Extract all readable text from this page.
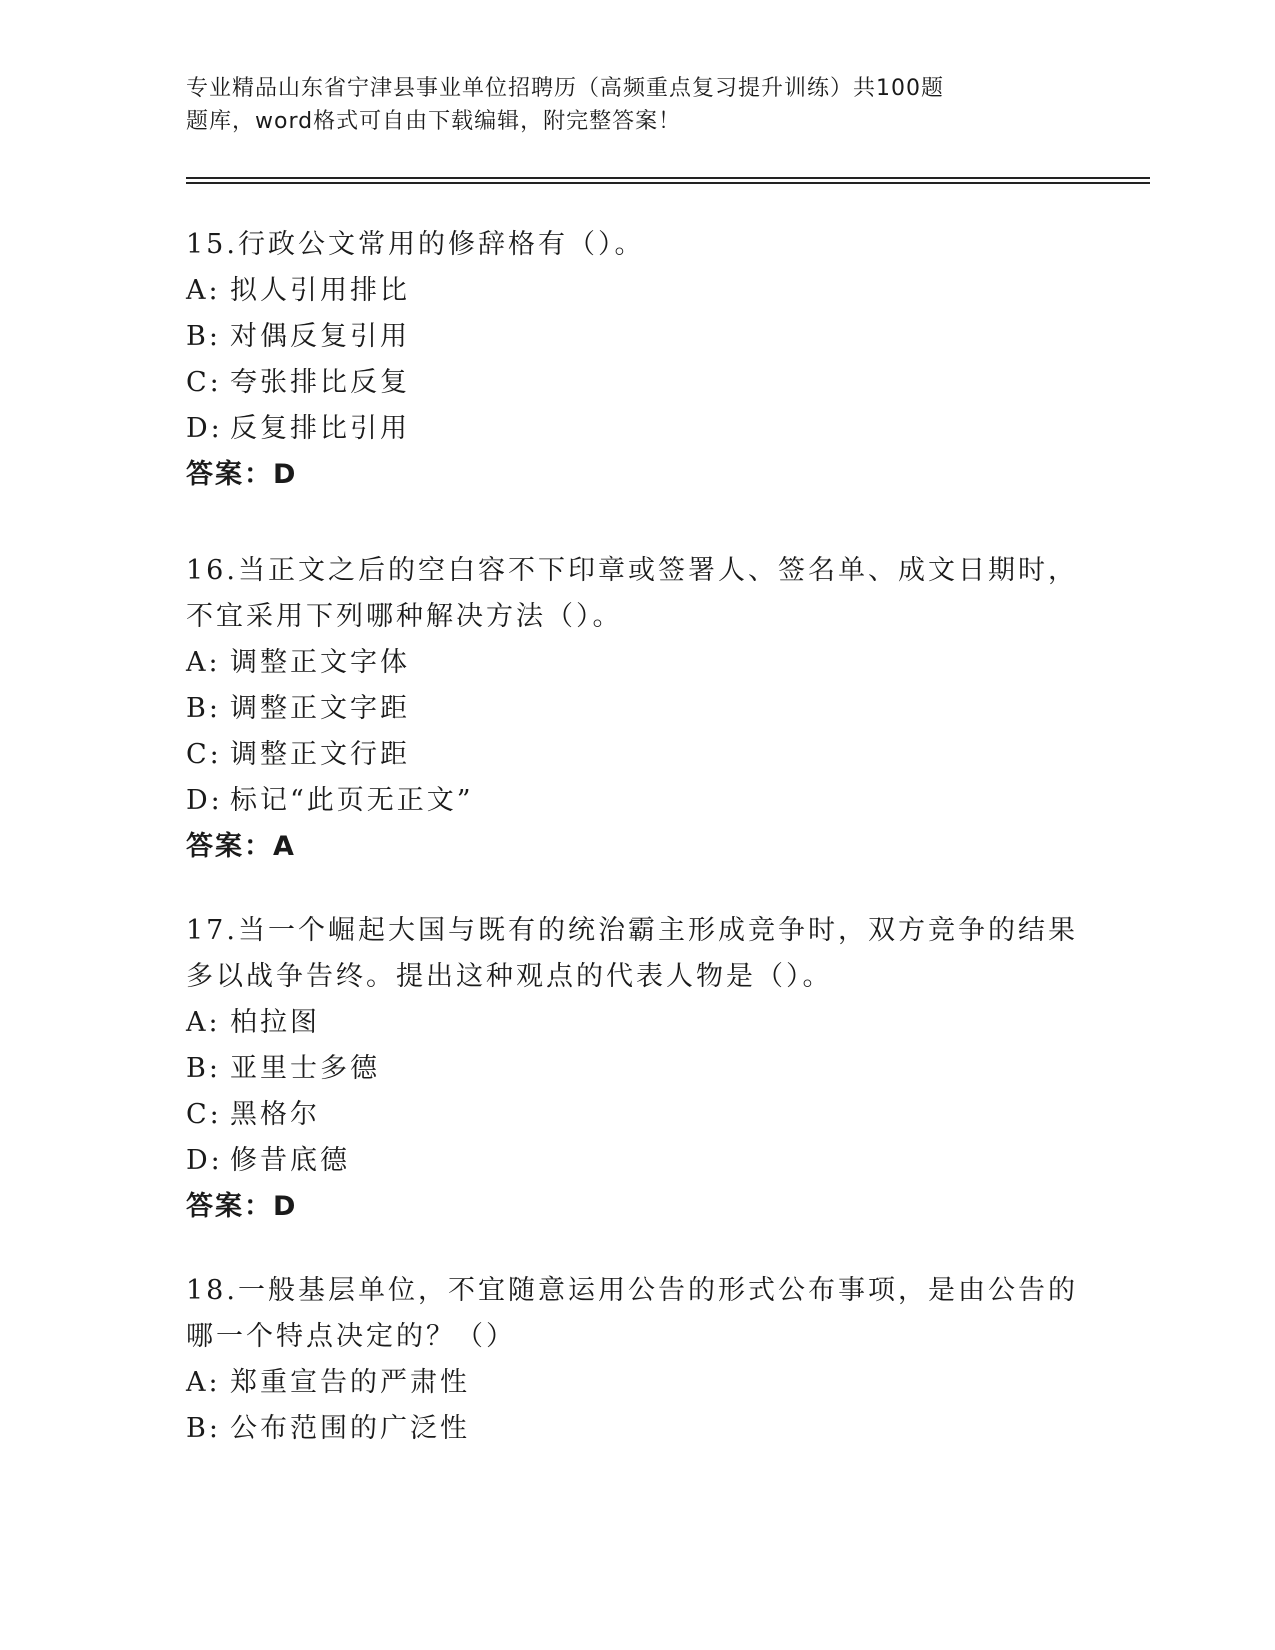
专业精品山东省宁津县事业单位招聘历（高频重点复习提升训练）共100题
题库，word格式可自由下载编辑，附完整答案！

15.行政公文常用的修辞格有（）。

A: 拟人引用排比

B: 对偶反复引用

C: 夸张排比反复

D: 反复排比引用

答案：D

16.当正文之后的空白容不下印章或签署人、签名单、成文日期时，不宜采用下列哪种解决方法（）。

A: 调整正文字体

B: 调整正文字距

C: 调整正文行距

D: 标记“此页无正文”

答案：A

17.当一个崛起大国与既有的统治霸主形成竞争时，双方竞争的结果多以战争告终。提出这种观点的代表人物是（）。

A: 柏拉图

B: 亚里士多德

C: 黑格尔

D: 修昔底德

答案：D

18.一般基层单位，不宜随意运用公告的形式公布事项，是由公告的哪一个特点决定的？（）

A: 郑重宣告的严肃性

B: 公布范围的广泛性
